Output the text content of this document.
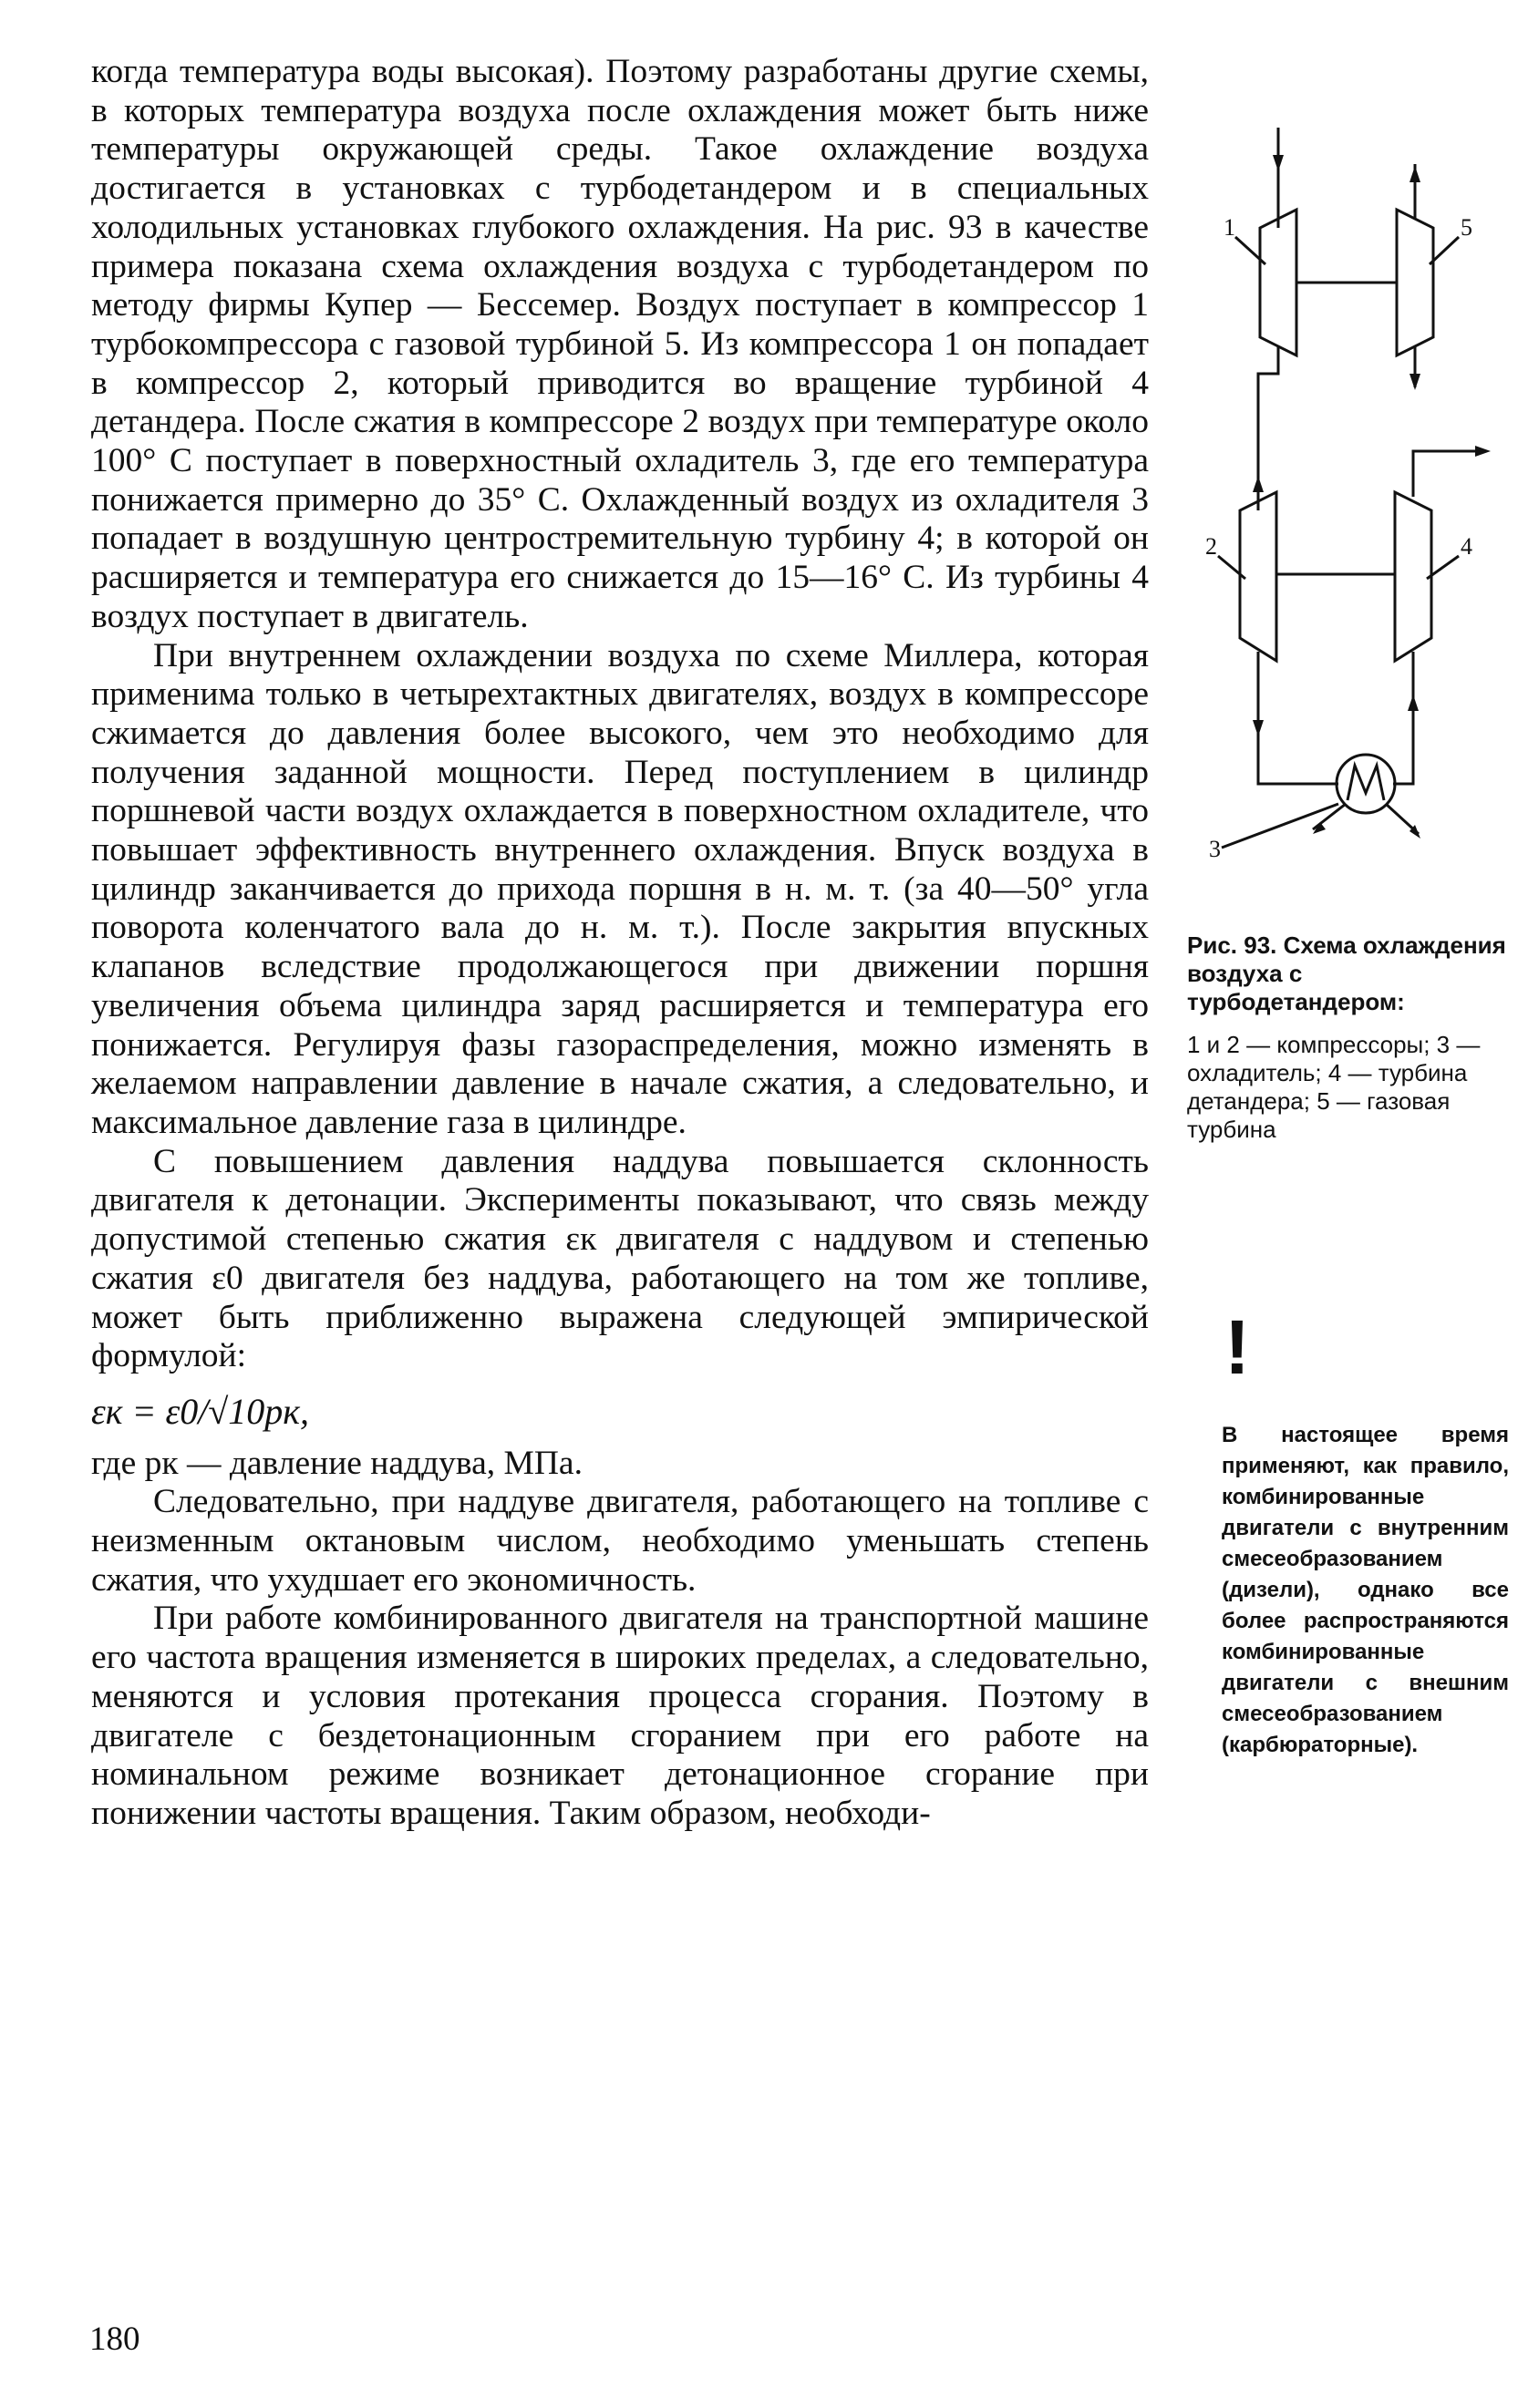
когда температура воды высокая). Поэтому разработаны другие схемы, в которых температура воздуха после охлаждения может быть ниже температуры окружающей среды. Такое охлаждение воздуха достигается в установках с турбодетандером и в специальных холодильных установках глубокого охлаждения. На рис. 93 в качестве примера показана схема охлаждения воздуха с турбодетандером по методу фирмы Купер — Бессемер. Воздух поступает в компрессор 1 турбокомпрессора с газовой турбиной 5. Из компрессора 1 он попадает в компрессор 2, который приводится во вращение турбиной 4 детандера. После сжатия в компрессоре 2 воздух при температуре около 100° С поступает в поверхностный охладитель 3, где его температура понижается примерно до 35° С. Охлажденный воздух из охладителя 3 попадает в воздушную центростремительную турбину 4; в которой он расширяется и температура его снижается до 15—16° С. Из турбины 4 воздух поступает в двигатель.

При внутреннем охлаждении воздуха по схеме Миллера, которая применима только в четырехтактных двигателях, воздух в компрессоре сжимается до давления более высокого, чем это необходимо для получения заданной мощности. Перед поступлением в цилиндр поршневой части воздух охлаждается в поверхностном охладителе, что повышает эффективность внутреннего охлаждения. Впуск воздуха в цилиндр заканчивается до прихода поршня в н. м. т. (за 40—50° угла поворота коленчатого вала до н. м. т.). После закрытия впускных клапанов вследствие продолжающегося при движении поршня увеличения объема цилиндра заряд расширяется и температура его понижается. Регулируя фазы газораспределения, можно изменять в желаемом направлении давление в начале сжатия, а следовательно, и максимальное давление газа в цилиндре.

С повышением давления наддува повышается склонность двигателя к детонации. Эксперименты показывают, что связь между допустимой степенью сжатия εк двигателя с наддувом и степенью сжатия ε0 двигателя без наддува, работающего на том же топливе, может быть приближенно выражена следующей эмпирической формулой:

εк = ε0/√10pк,

где pк — давление наддува, МПа.

Следовательно, при наддуве двигателя, работающего на топливе с неизменным октановым числом, необходимо уменьшать степень сжатия, что ухудшает его экономичность.

При работе комбинированного двигателя на транспортной машине его частота вращения изменяется в широких пределах, а следовательно, меняются и условия протекания процесса сгорания. Поэтому в двигателе с бездетонационным сгоранием при его работе на номинальном режиме возникает детонационное сгорание при понижении частоты вращения. Таким образом, необходи-

180
1	5
2	4
3
Рис. 93. Схема охлаждения воздуха с турбодетандером:
1 и 2 — компрессоры; 3 — охладитель; 4 — турбина детандера; 5 — газовая турбина
!
В настоящее время применяют, как правило, комбинированные двигатели с внутренним смесеобразованием (дизели), однако все более распространяются комбинированные двигатели с внешним смесеобразованием (карбюраторные).
